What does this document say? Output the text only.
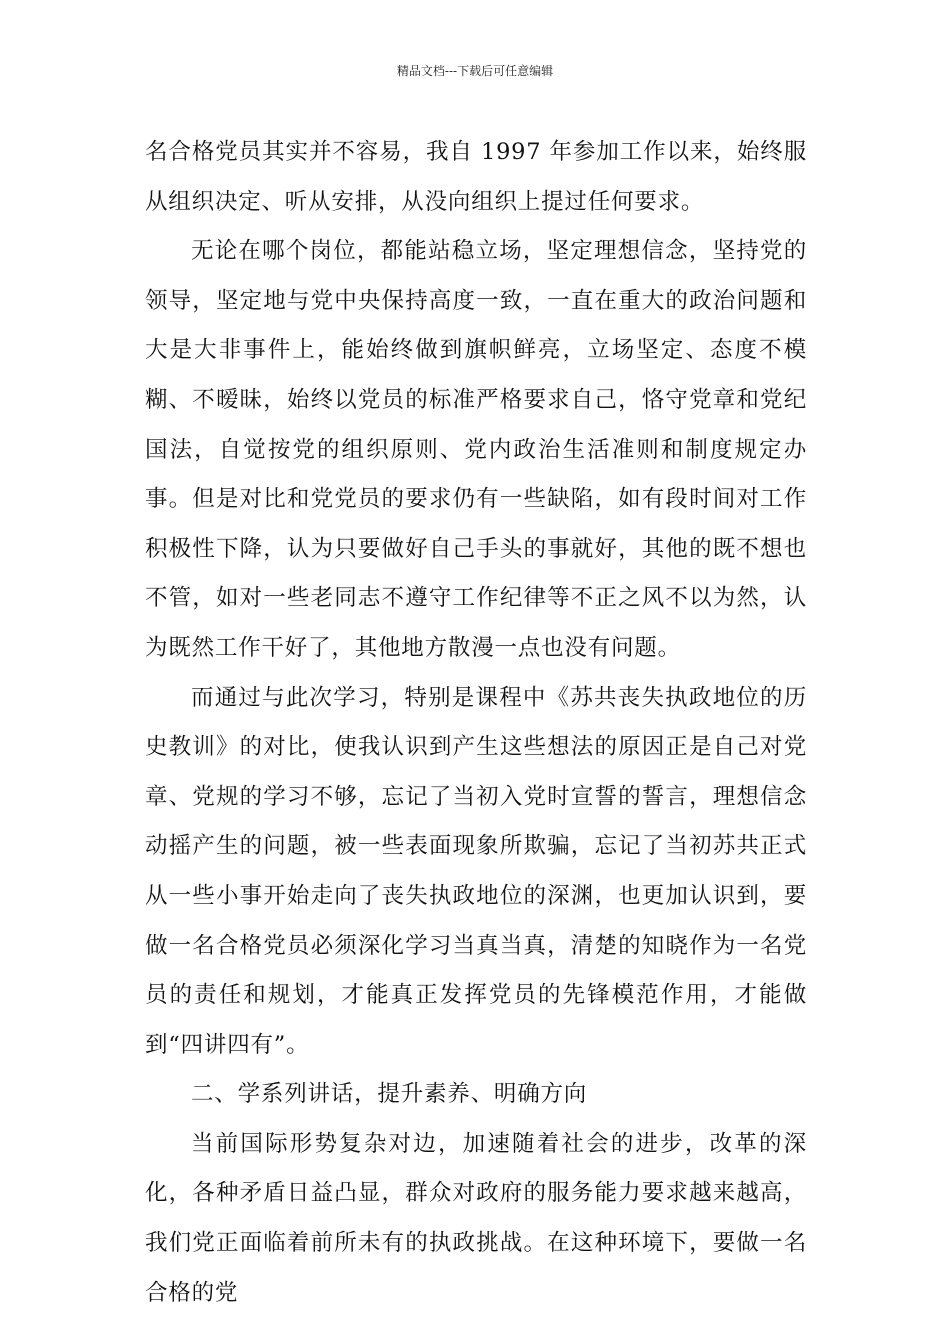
精品文档---下载后可任意编辑

名合格党员其实并不容易，我自 1997 年参加工作以来，始终服从组织决定、听从安排，从没向组织上提过任何要求。

无论在哪个岗位，都能站稳立场，坚定理想信念，坚持党的领导，坚定地与党中央保持高度一致，一直在重大的政治问题和大是大非事件上，能始终做到旗帜鲜亮，立场坚定、态度不模糊、不暧昧，始终以党员的标准严格要求自己，恪守党章和党纪国法，自觉按党的组织原则、党内政治生活准则和制度规定办事。但是对比和党党员的要求仍有一些缺陷，如有段时间对工作积极性下降，认为只要做好自己手头的事就好，其他的既不想也不管，如对一些老同志不遵守工作纪律等不正之风不以为然，认为既然工作干好了，其他地方散漫一点也没有问题。

而通过与此次学习，特别是课程中《苏共丧失执政地位的历史教训》的对比，使我认识到产生这些想法的原因正是自己对党章、党规的学习不够，忘记了当初入党时宣誓的誓言，理想信念动摇产生的问题，被一些表面现象所欺骗，忘记了当初苏共正式从一些小事开始走向了丧失执政地位的深渊，也更加认识到，要做一名合格党员必须深化学习当真当真，清楚的知晓作为一名党员的责任和规划，才能真正发挥党员的先锋模范作用，才能做到“四讲四有”。

二、学系列讲话，提升素养、明确方向

当前国际形势复杂对边，加速随着社会的进步，改革的深化，各种矛盾日益凸显，群众对政府的服务能力要求越来越高，我们党正面临着前所未有的执政挑战。在这种环境下，要做一名合格的党
